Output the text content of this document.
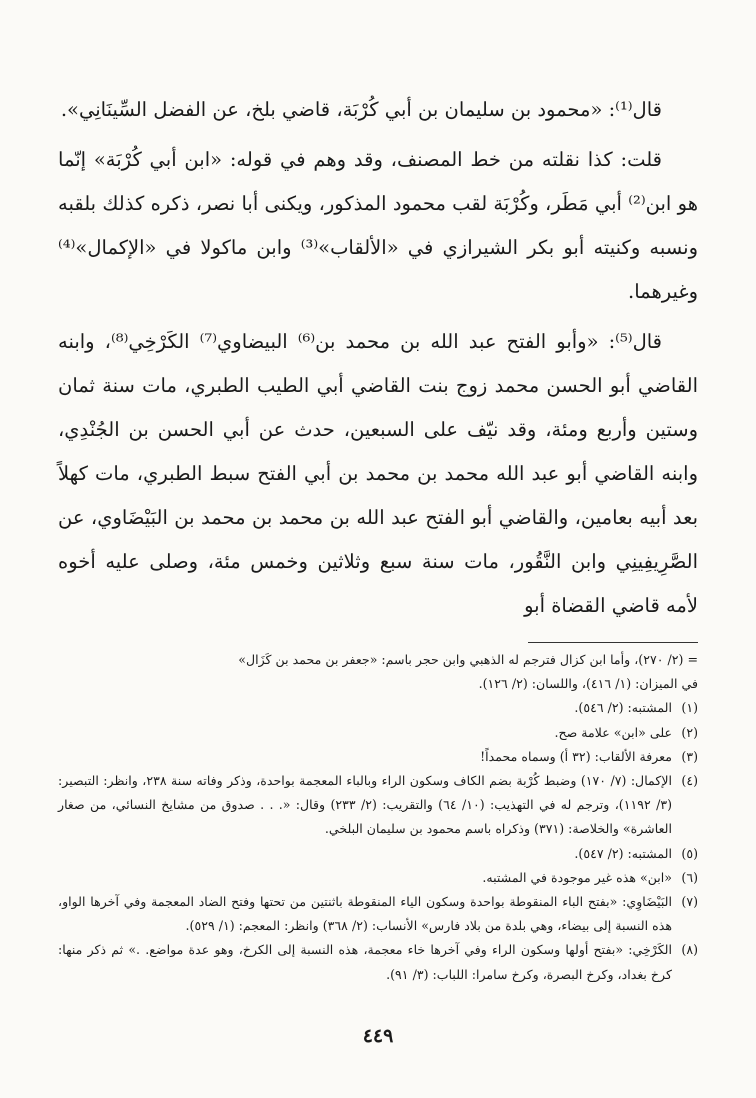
قال⁽¹⁾: «محمود بن سليمان بن أبي كُرْبَة، قاضي بلخ، عن الفضل السِّينَانِي».

قلت: كذا نقلته من خط المصنف، وقد وهم في قوله: «ابن أبي كُرْبَة» إنّما هو ابن⁽²⁾ أبي مَطَر، وكُرْبَة لقب محمود المذكور، ويكنى أبا نصر، ذكره كذلك بلقبه ونسبه وكنيته أبو بكر الشيرازي في «الألقاب»⁽³⁾ وابن ماكولا في «الإكمال»⁽⁴⁾ وغيرهما.

قال⁽⁵⁾: «وأبو الفتح عبد الله بن محمد بن⁽⁶⁾ البيضاوي⁽⁷⁾ الكَرْخِي⁽⁸⁾، وابنه القاضي أبو الحسن محمد زوج بنت القاضي أبي الطيب الطبري، مات سنة ثمان وستين وأربع ومئة، وقد نيّف على السبعين، حدث عن أبي الحسن بن الجُنْدِي، وابنه القاضي أبو عبد الله محمد بن محمد بن أبي الفتح سبط الطبري، مات كهلاً بعد أبيه بعامين، والقاضي أبو الفتح عبد الله بن محمد بن محمد بن البَيْضَاوي، عن الصَّرِيفِينِي وابن النَّقُور، مات سنة سبع وثلاثين وخمس مئة، وصلى عليه أخوه لأمه قاضي القضاة أبو

= (٢/ ٢٧٠)، وأما ابن كزال فترجم له الذهبي وابن حجر باسم: «جعفر بن محمد بن كَزَال»
في الميزان: (١/ ٤١٦)، واللسان: (٢/ ١٢٦).
(١)
المشتبه: (٢/ ٥٤٦).
(٢)
على «ابن» علامة صح.
(٣)
معرفة الألقاب: (٣٢ أ) وسماه محمداً!
(٤)
الإكمال: (٧/ ١٧٠) وضبط كُرْبة بضم الكاف وسكون الراء وبالباء المعجمة بواحدة، وذكر وفاته سنة ٢٣٨، وانظر: التبصير: (٣/ ١١٩٢)، وترجم له في التهذيب: (١٠/ ٦٤) والتقريب: (٢/ ٢٣٣) وقال: «. . . صدوق من مشايخ النسائي، من صغار العاشرة» والخلاصة: (٣٧١) وذكراه باسم محمود بن سليمان البلخي.
(٥)
المشتبه: (٢/ ٥٤٧).
(٦)
«ابن» هذه غير موجودة في المشتبه.
(٧)
البَيْضَاوِي: «بفتح الباء المنقوطة بواحدة وسكون الياء المنقوطة باثنتين من تحتها وفتح الضاد المعجمة وفي آخرها الواو، هذه النسبة إلى بيضاء، وهي بلدة من بلاد فارس» الأنساب: (٢/ ٣٦٨) وانظر: المعجم: (١/ ٥٢٩).
(٨)
الكَرْخِي: «بفتح أولها وسكون الراء وفي آخرها خاء معجمة، هذه النسبة إلى الكرخ، وهو عدة مواضع. .» ثم ذكر منها: كرخ بغداد، وكرخ البصرة، وكرخ سامرا: اللباب: (٣/ ٩١).
٤٤٩
